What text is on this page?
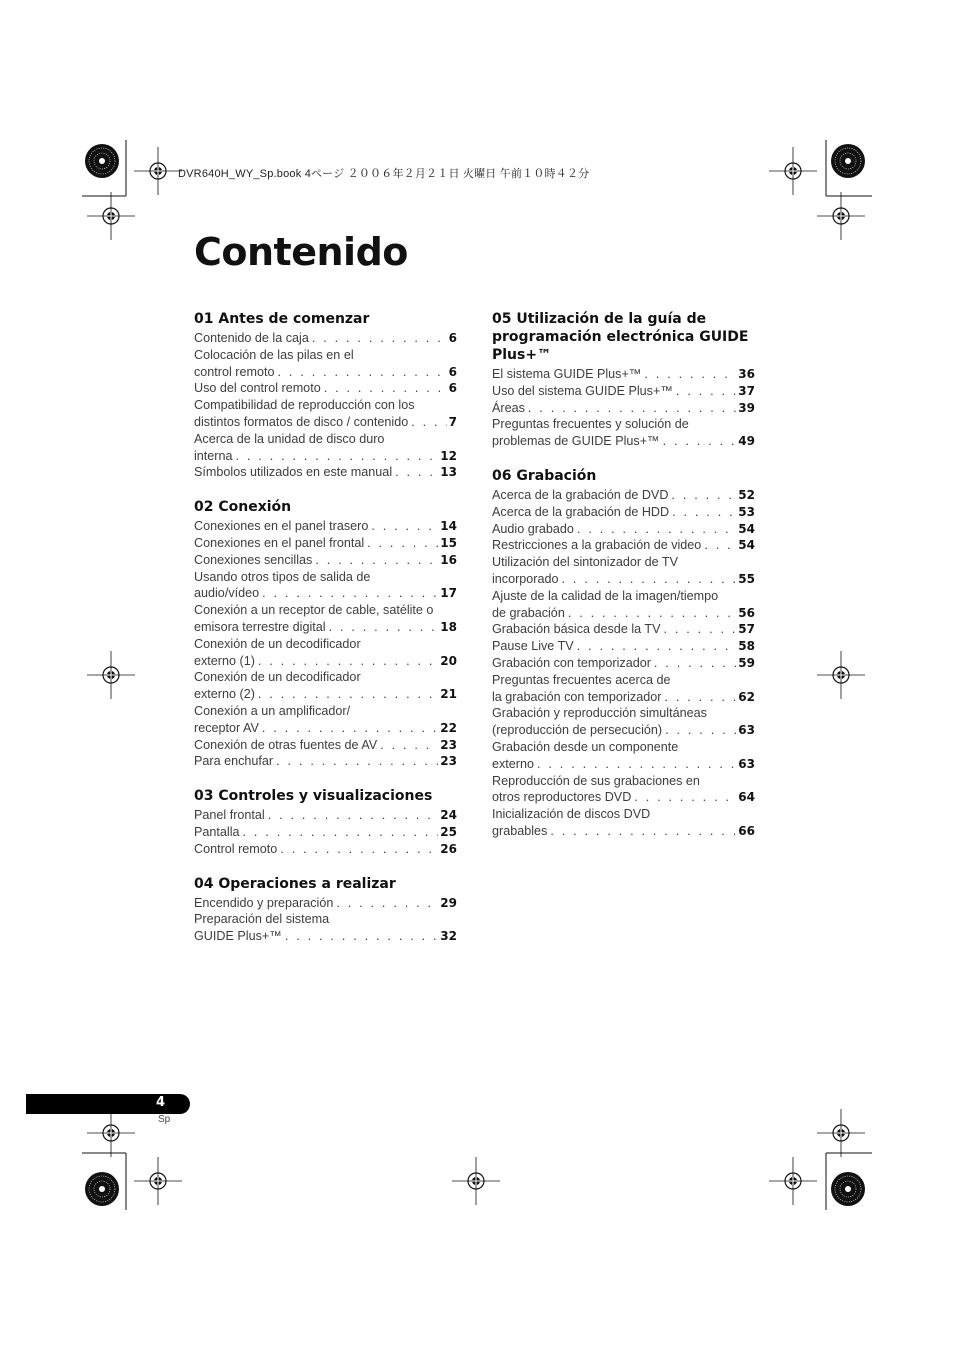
DVR640H_WY_Sp.book 4ページ ２００６年２月２１日 火曜日 午前１０時４２分
Contenido
01 Antes de comenzar
Contenido de la caja . . .	6
Colocación de las pilas en el
control remoto . . .	6
Uso del control remoto . . .	6
Compatibilidad de reproducción con los
distintos formatos de disco / contenido . . .	7
Acerca de la unidad de disco duro
interna . . .	12
Símbolos utilizados en este manual . . .	13
02 Conexión
Conexiones en el panel trasero . . .	14
Conexiones en el panel frontal . . .	15
Conexiones sencillas . . .	16
Usando otros tipos de salida de
audio/vídeo . . .	17
Conexión a un receptor de cable, satélite o
emisora terrestre digital . . .	18
Conexión de un decodificador
externo (1) . . .	20
Conexión de un decodificador
externo (2) . . .	21
Conexión a un amplificador/
receptor AV . . .	22
Conexión de otras fuentes de AV . . .	23
Para enchufar . . .	23
03 Controles y visualizaciones
Panel frontal . . .	24
Pantalla . . .	25
Control remoto . . .	26
04 Operaciones a realizar
Encendido y preparación . . .	29
Preparación del sistema
GUIDE Plus+™ . . .	32
05 Utilización de la guía de programación electrónica GUIDE Plus+™
El sistema GUIDE Plus+™ . . .	36
Uso del sistema GUIDE Plus+™ . . .	37
Áreas . . .	39
Preguntas frecuentes y solución de
problemas de GUIDE Plus+™ . . .	49
06 Grabación
Acerca de la grabación de DVD . . .	52
Acerca de la grabación de HDD . . .	53
Audio grabado . . .	54
Restricciones a la grabación de video . . .	54
Utilización del sintonizador de TV
incorporado . . .	55
Ajuste de la calidad de la imagen/tiempo
de grabación . . .	56
Grabación básica desde la TV . . .	57
Pause Live TV . . .	58
Grabación con temporizador . . .	59
Preguntas frecuentes acerca de
la grabación con temporizador . . .	62
Grabación y reproducción simultáneas
(reproducción de persecución) . . .	63
Grabación desde un componente
externo . . .	63
Reproducción de sus grabaciones en
otros reproductores DVD . . .	64
Inicialización de discos DVD
grabables . . .	66
4
Sp
